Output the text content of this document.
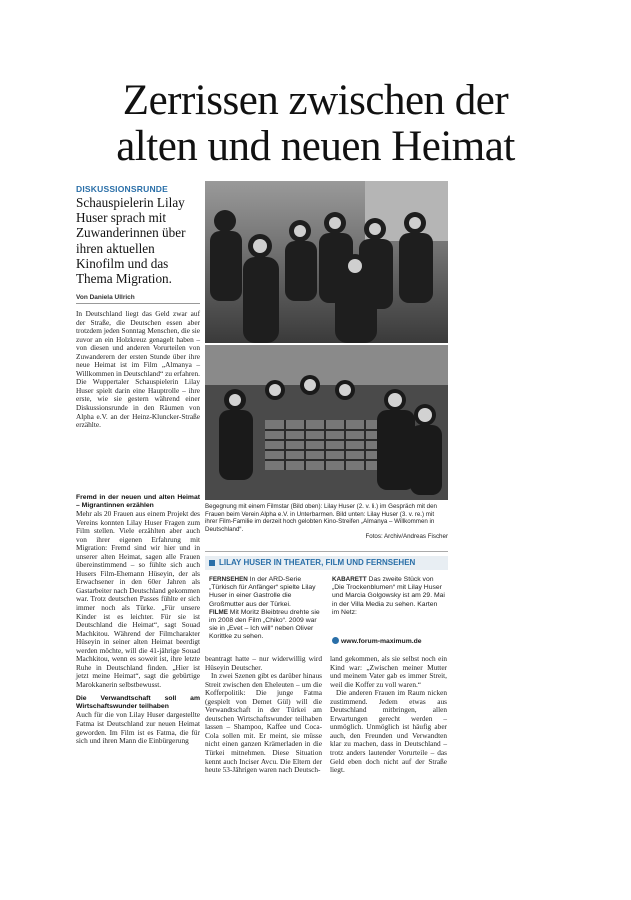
Zerrissen zwischen der
alten und neuen Heimat
DISKUSSIONSRUNDE
Schauspielerin Lilay Huser sprach mit Zuwanderinnen über ihren aktuellen Kinofilm und das Thema Migration.
Von Daniela Ullrich

In Deutschland liegt das Geld zwar auf der Straße, die Deutschen essen aber trotzdem jeden Sonntag Menschen, die sie zuvor an ein Holzkreuz genagelt haben – von diesen und anderen Vorurteilen von Zuwanderern der ersten Stunde über ihre neue Heimat ist im Film „Almanya – Willkommen in Deutschland“ zu erfahren. Die Wuppertaler Schauspielerin Lilay Huser spielt darin eine Hauptrolle – ihre erste, wie sie gestern während einer Diskussionsrunde in den Räumen von Alpha e.V. an der Heinz-Kluncker-Straße erzählte.

Fremd in der neuen und alten Heimat – Migrantinnen erzählen

Mehr als 20 Frauen aus einem Projekt des Vereins konnten Lilay Huser Fragen zum Film stellen. Viele erzählten aber auch von ihrer eigenen Erfahrung mit Migration: Fremd sind wir hier und in unserer alten Heimat, sagen alle Frauen übereinstimmend – so fühlte sich auch Husers Film-Ehemann Hüseyin, der als Erwachsener in den 60er Jahren als Gastarbeiter nach Deutschland gekommen war. Trotz deutschen Passes fühlte er sich immer noch als Türke. „Für unsere Kinder ist es leichter. Für sie ist Deutschland die Heimat“, sagt Souad Machkitou. Während der Filmcharakter Hüseyin in seiner alten Heimat beerdigt werden möchte, will die 41-jährige Souad Machkitou, wenn es soweit ist, ihre letzte Ruhe in Deutschland finden. „Hier ist jetzt meine Heimat“, sagt die gebürtige Marokkanerin selbstbewusst.

Die Verwandtschaft soll am Wirtschaftswunder teilhaben

Auch für die von Lilay Huser dargestellte Fatma ist Deutschland zur neuen Heimat geworden. Im Film ist es Fatma, die für sich und ihren Mann die Einbürgerung

Begegnung mit einem Filmstar (Bild oben): Lilay Huser (2. v. li.) im Gespräch mit den Frauen beim Verein Alpha e.V. in Unterbarmen. Bild unten: Lilay Huser (3. v. re.) mit ihrer Film-Familie im derzeit hoch gelobten Kino-Streifen „Almanya – Willkommen in Deutschland“.
Fotos: Archiv/Andreas Fischer
LILAY HUSER IN THEATER, FILM UND FERNSEHEN
FERNSEHEN In der ARD-Serie „Türkisch für Anfänger“ spielte Lilay Huser in einer Gastrolle die Großmutter aus der Türkei.
FILME Mit Moritz Bleibtreu drehte sie im 2008 den Film „Chiko“. 2009 war sie in „Evet – Ich will“ neben Oliver Korittke zu sehen.
KABARETT Das zweite Stück von „Die Trockenblumen“ mit Lilay Huser und Marcia Golgowsky ist am 29. Mai in der Villa Media zu sehen. Karten im Netz:
www.forum-maximum.de

beantragt hatte – nur widerwillig wird Hüseyin Deutscher.

In zwei Szenen gibt es darüber hinaus Streit zwischen den Eheleuten – um die Kofferpolitik: Die junge Fatma (gespielt von Demet Gül) will die Verwandtschaft in der Türkei am deutschen Wirtschaftswunder teilhaben lassen – Shampoo, Kaffee und Coca-Cola sollen mit. Er meint, sie müsse nicht einen ganzen Krämerladen in die Türkei mitnehmen. Diese Situation kennt auch Inciser Avcu. Die Eltern der heute 53-Jährigen waren nach Deutsch-

land gekommen, als sie selbst noch ein Kind war: „Zwischen meiner Mutter und meinem Vater gab es immer Streit, weil die Koffer zu voll waren.“

Die anderen Frauen im Raum nicken zustimmend. Jedem etwas aus Deutschland mitbringen, allen Erwartungen gerecht werden – unmöglich. Unmöglich ist häufig aber auch, den Freunden und Verwandten klar zu machen, dass in Deutschland – trotz anders lautender Vorurteile – das Geld eben doch nicht auf der Straße liegt.
